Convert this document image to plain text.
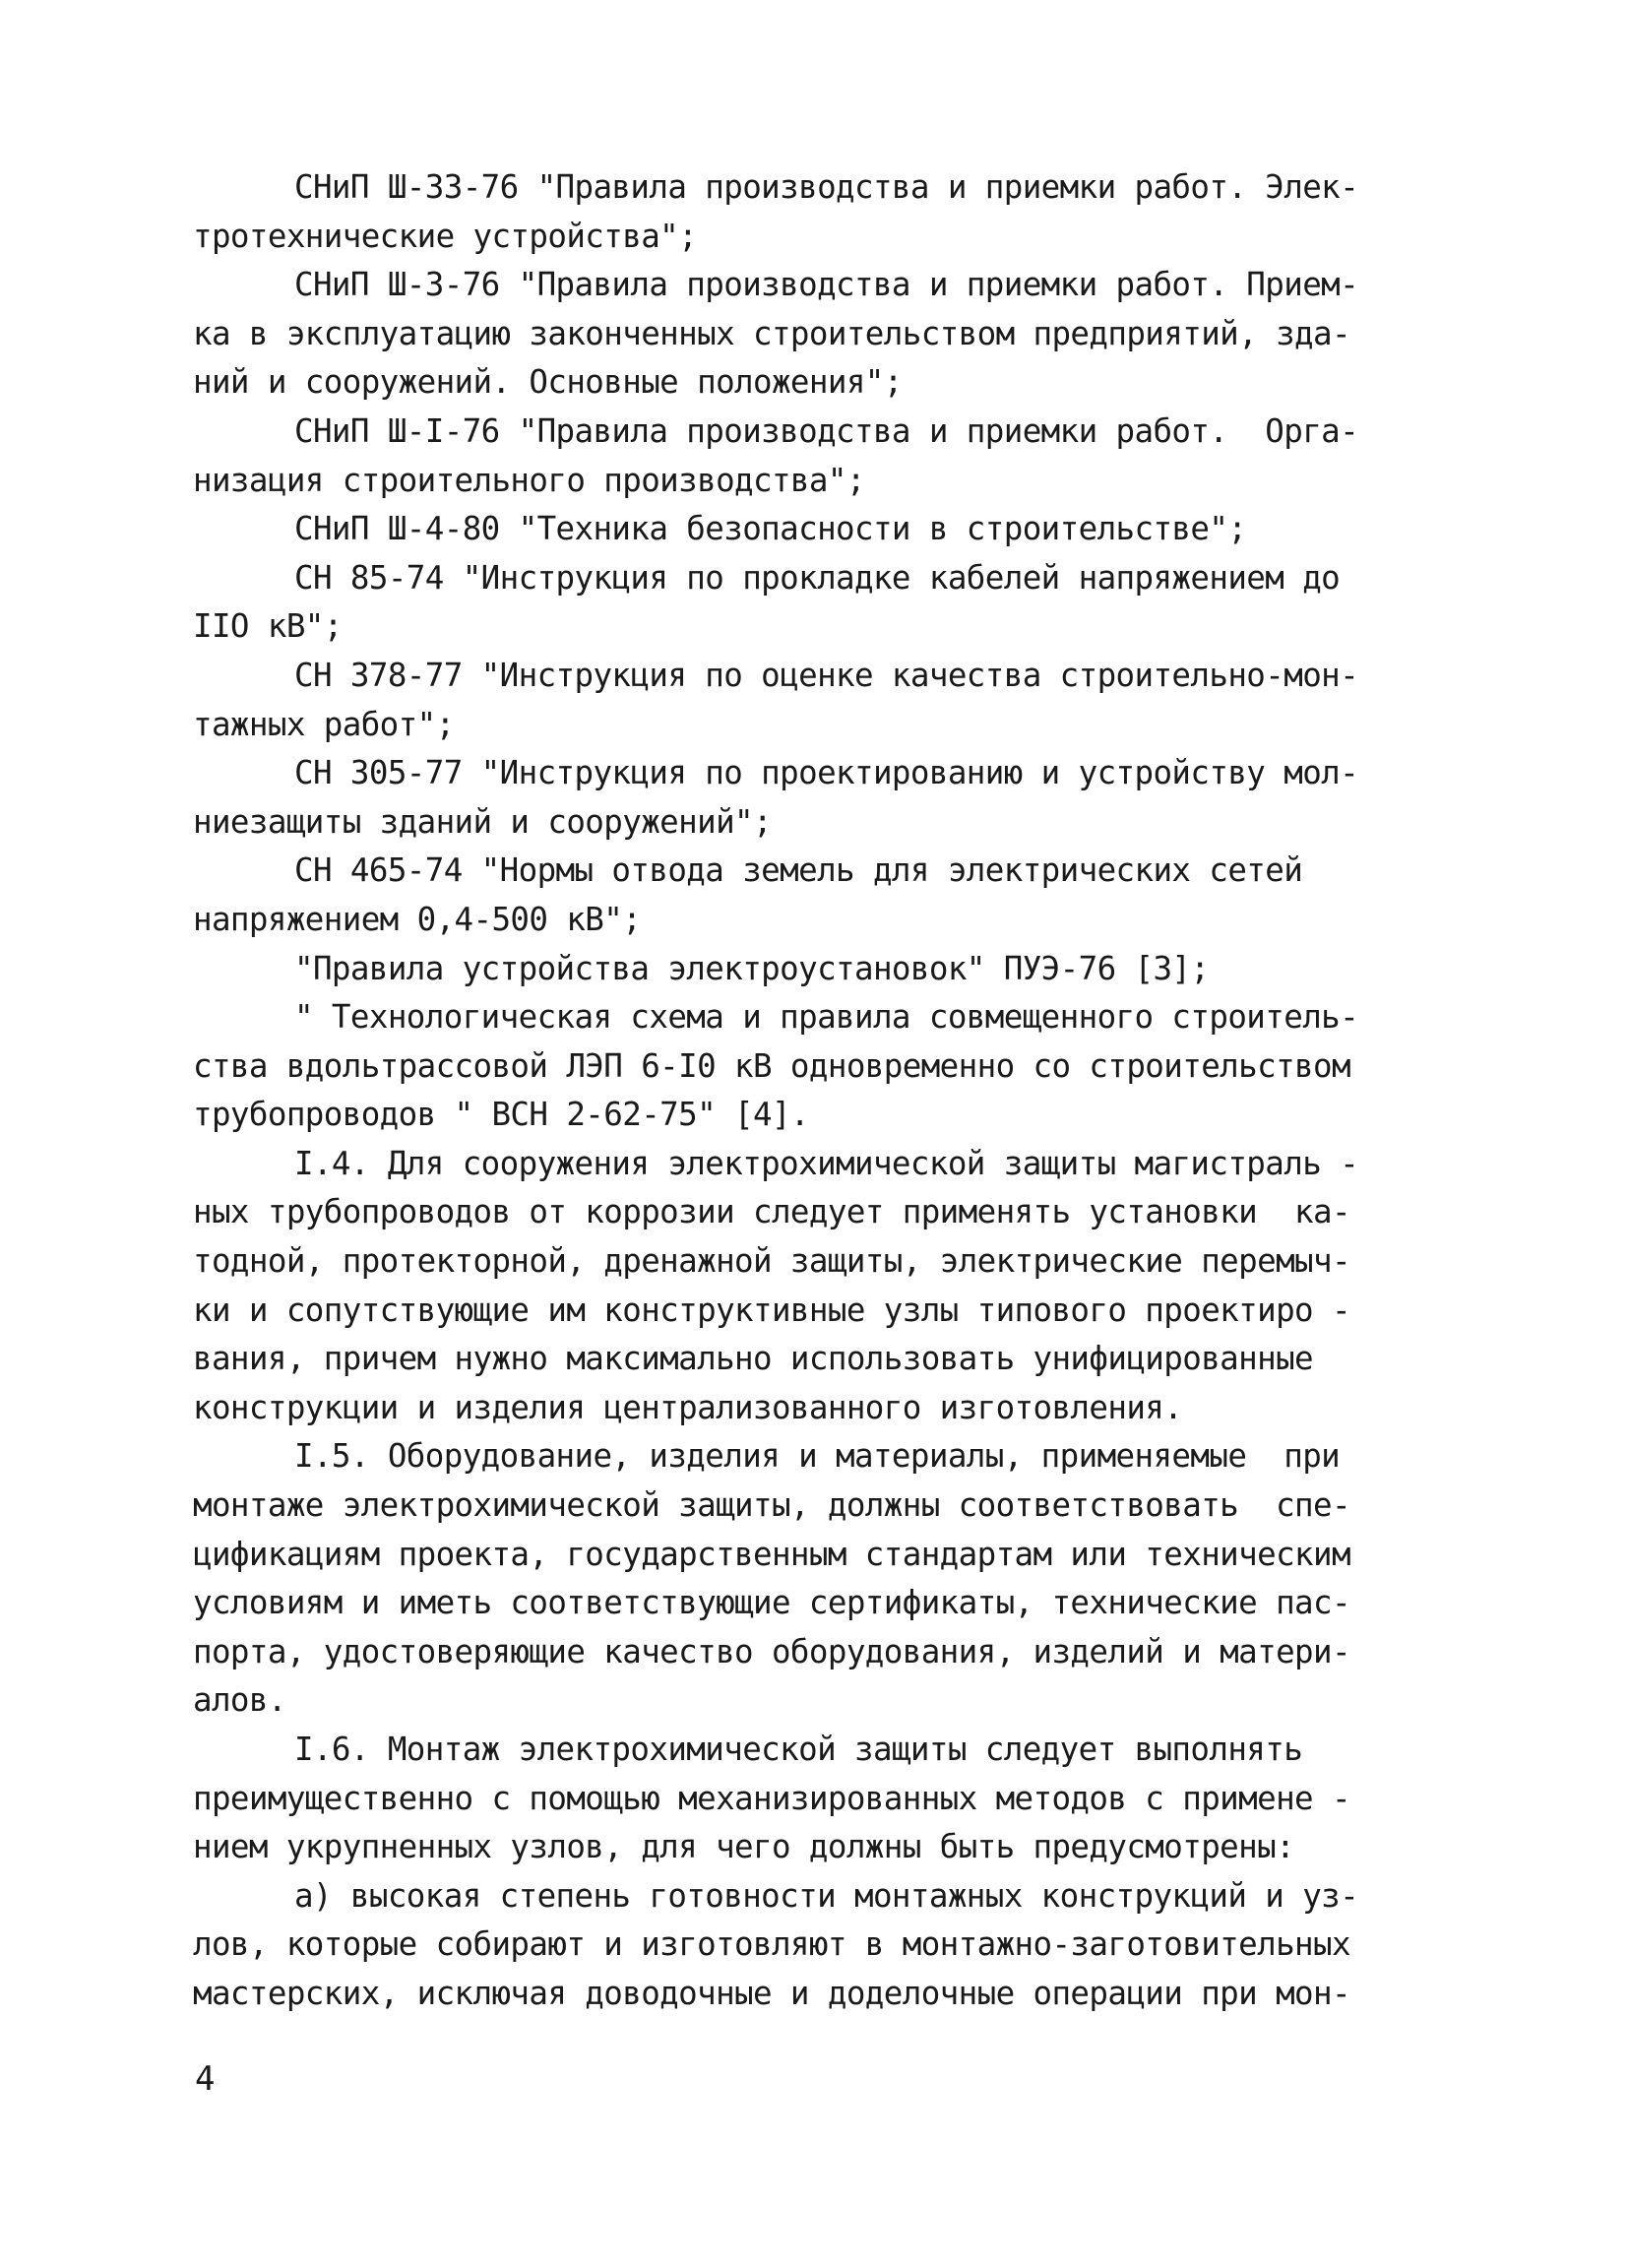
СНиП Ш-33-76 "Правила производства и приемки работ. Элек-
тротехнические устройства";
СНиП Ш-3-76 "Правила производства и приемки работ. Прием-
ка в эксплуатацию законченных строительством предприятий, зда-
ний и сооружений. Основные положения";
СНиП Ш-I-76 "Правила производства и приемки работ.  Орга-
низация строительного производства";
СНиП Ш-4-80 "Техника безопасности в строительстве";
СН 85-74 "Инструкция по прокладке кабелей напряжением до
IIO кВ";
СН 378-77 "Инструкция по оценке качества строительно-мон-
тажных работ";
СН 305-77 "Инструкция по проектированию и устройству мол-
ниезащиты зданий и сооружений";
СН 465-74 "Нормы отвода земель для электрических сетей
напряжением 0,4-500 кВ";
"Правила устройства электроустановок" ПУЭ-76 [3];
" Технологическая схема и правила совмещенного строитель-
ства вдольтрассовой ЛЭП 6-I0 кВ одновременно со строительством
трубопроводов " ВСН 2-62-75" [4].
I.4. Для сооружения электрохимической защиты магистраль -
ных трубопроводов от коррозии следует применять установки  ка-
тодной, протекторной, дренажной защиты, электрические перемыч-
ки и сопутствующие им конструктивные узлы типового проектиро -
вания, причем нужно максимально использовать унифицированные
конструкции и изделия централизованного изготовления.
I.5. Оборудование, изделия и материалы, применяемые  при
монтаже электрохимической защиты, должны соответствовать  спе-
цификациям проекта, государственным стандартам или техническим
условиям и иметь соответствующие сертификаты, технические пас-
порта, удостоверяющие качество оборудования, изделий и матери-
алов.
I.6. Монтаж электрохимической защиты следует выполнять
преимущественно с помощью механизированных методов с примене -
нием укрупненных узлов, для чего должны быть предусмотрены:
а) высокая степень готовности монтажных конструкций и уз-
лов, которые собирают и изготовляют в монтажно-заготовительных
мастерских, исключая доводочные и доделочные операции при мон-
4
